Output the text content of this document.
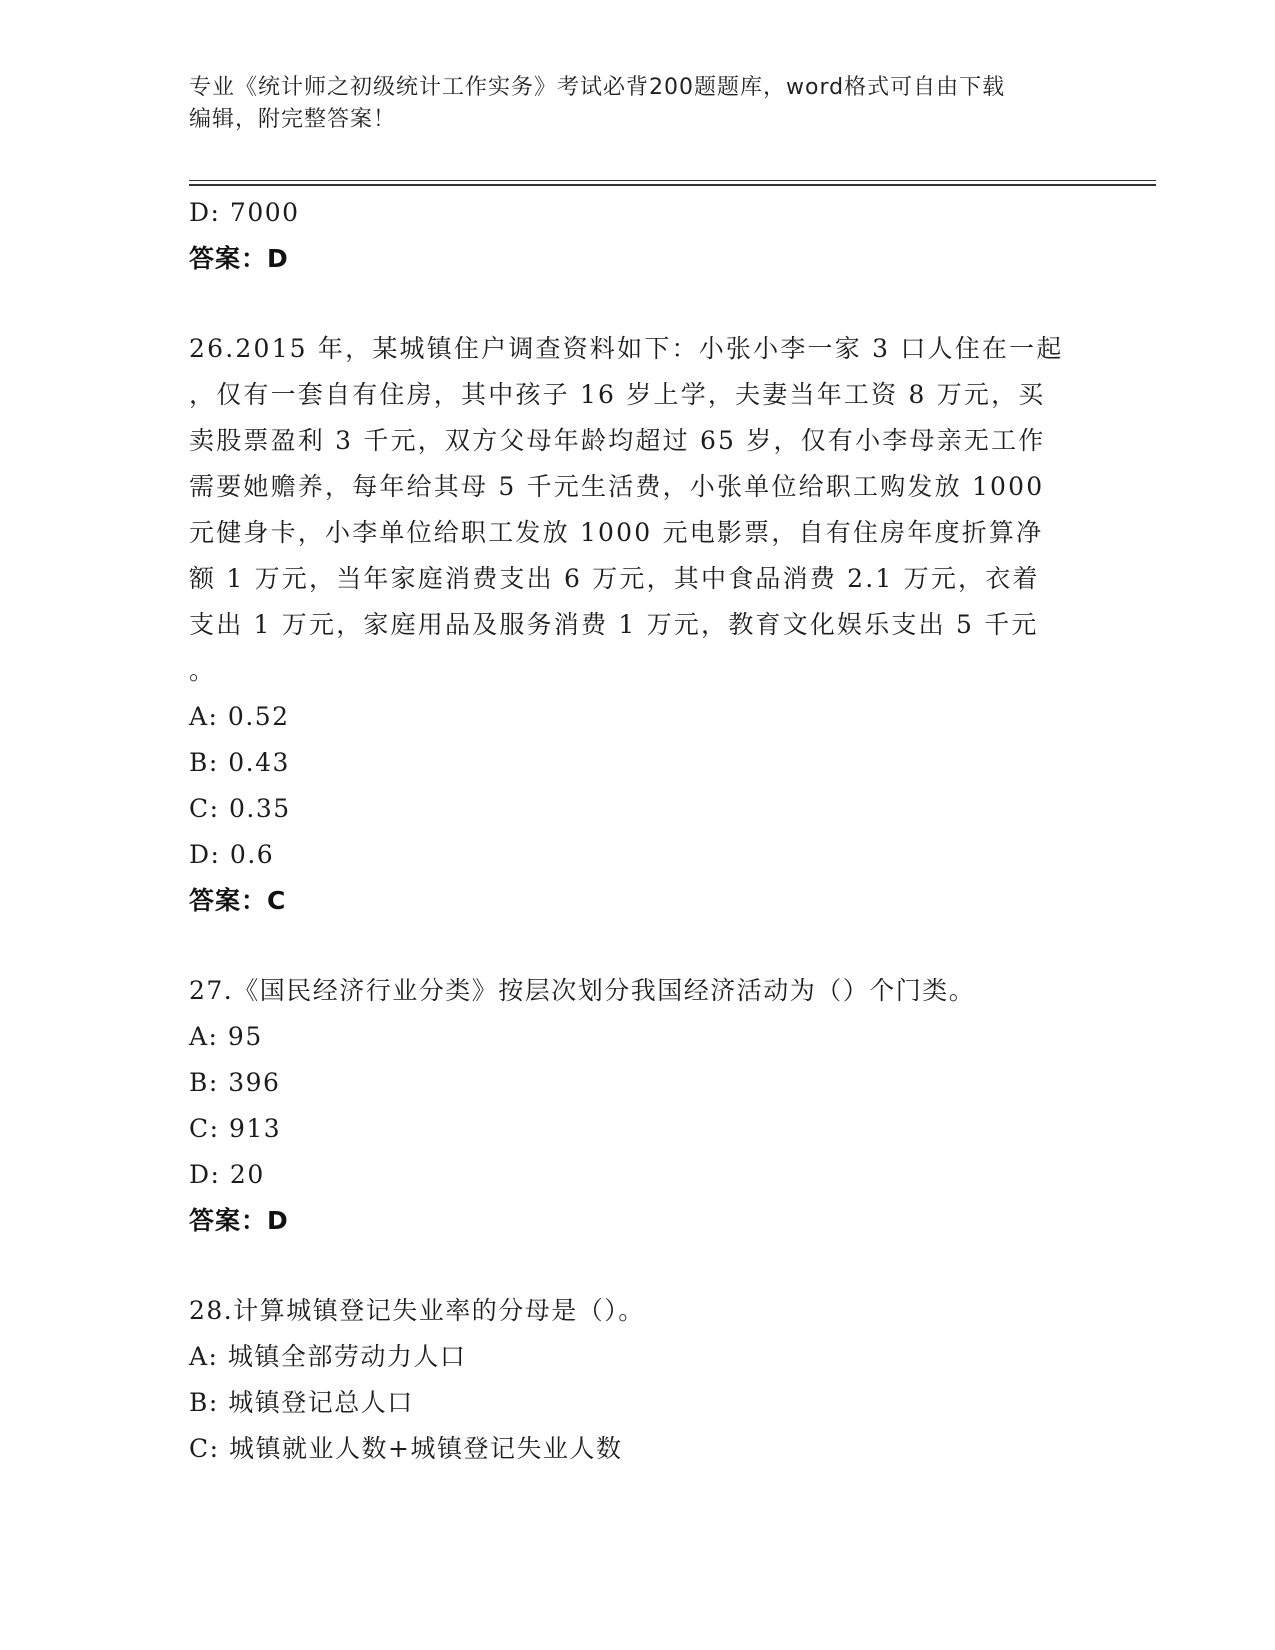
专业《统计师之初级统计工作实务》考试必背200题题库，word格式可自由下载
编辑，附完整答案！
D: 7000
答案：D
26.2015 年，某城镇住户调查资料如下：小张小李一家 3 口人住在一起
，仅有一套自有住房，其中孩子 16 岁上学，夫妻当年工资 8 万元，买
卖股票盈利 3 千元，双方父母年龄均超过 65 岁，仅有小李母亲无工作
需要她赡养，每年给其母 5 千元生活费，小张单位给职工购发放 1000
元健身卡，小李单位给职工发放 1000 元电影票，自有住房年度折算净
额 1 万元，当年家庭消费支出 6 万元，其中食品消费 2.1 万元，衣着
支出 1 万元，家庭用品及服务消费 1 万元，教育文化娱乐支出 5 千元
。
A: 0.52
B: 0.43
C: 0.35
D: 0.6
答案：C
27.《国民经济行业分类》按层次划分我国经济活动为（）个门类。
A: 95
B: 396
C: 913
D: 20
答案：D
28.计算城镇登记失业率的分母是（）。
A: 城镇全部劳动力人口
B: 城镇登记总人口
C: 城镇就业人数+城镇登记失业人数
